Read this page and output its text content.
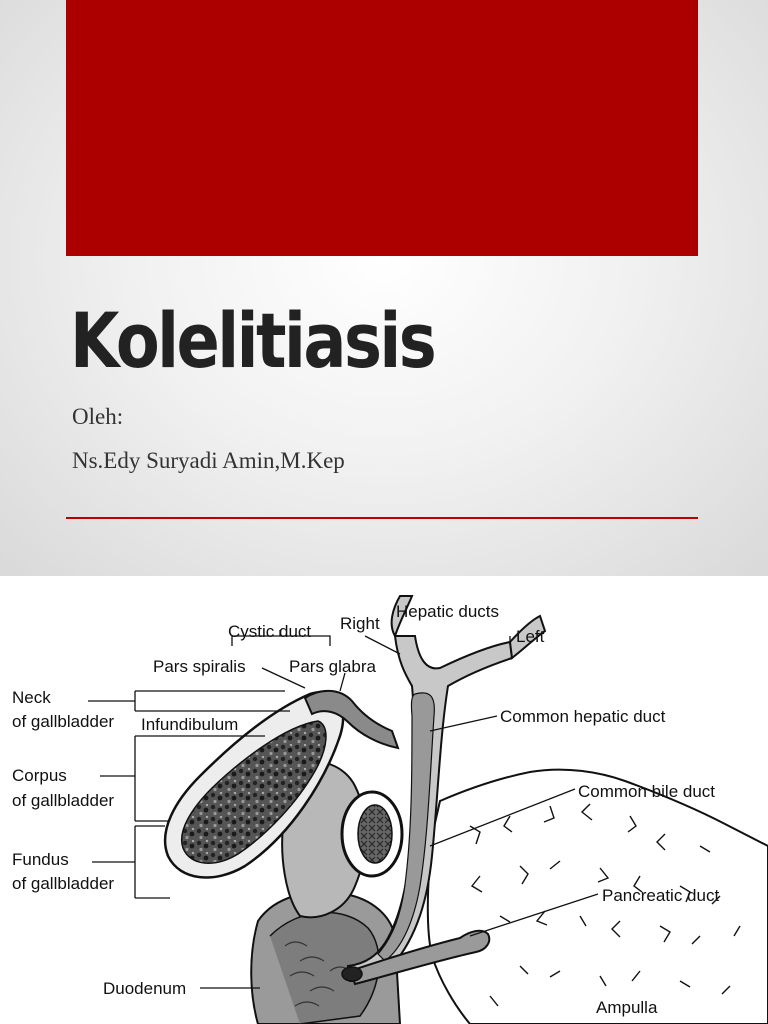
Kolelitiasis
Oleh:
Ns.Edy Suryadi Amin,M.Kep
Cystic duct Right
Hepatic ducts
Left
Pars spiralis	Pars glabra
Neck
of gallbladder Infundibulum	Common hepatic duct
Corpus
of gallbladder	Common bile duct
Fundus
of gallbladder
Pancreatic duct
Duodenum
Ampulla
